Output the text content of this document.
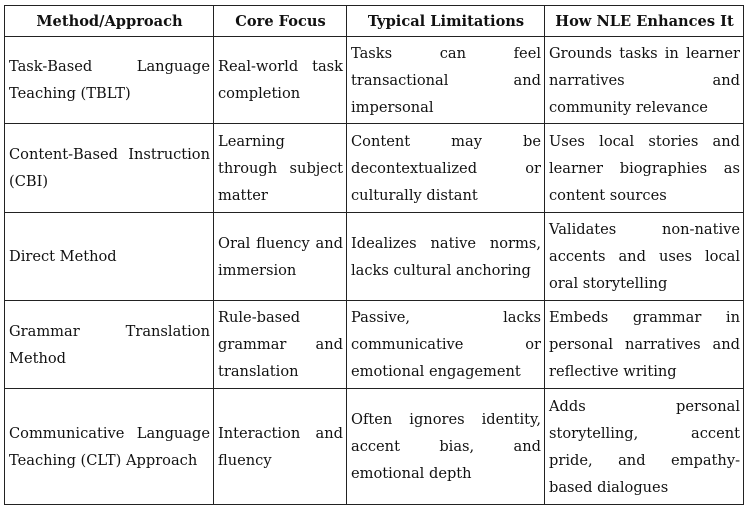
Method/Approach	Core Focus	Typical Limitations	How NLE Enhances It
Task-Based Language Teaching (TBLT)	Real-world task completion	Tasks can feel transactional and impersonal	Grounds tasks in learner narratives and community relevance
Content-Based Instruction (CBI)	Learning through subject matter	Content may be decontextualized or culturally distant	Uses local stories and learner biographies as content sources
Direct Method	Oral fluency and immersion	Idealizes native norms, lacks cultural anchoring	Validates non-native accents and uses local oral storytelling
Grammar Translation Method	Rule-based grammar and translation	Passive, lacks communicative or emotional engagement	Embeds grammar in personal narratives and reflective writing
Communicative Language Teaching (CLT) Approach	Interaction and fluency	Often ignores identity, accent bias, and emotional depth	Adds personal storytelling, accent pride, and empathy-based dialogues
